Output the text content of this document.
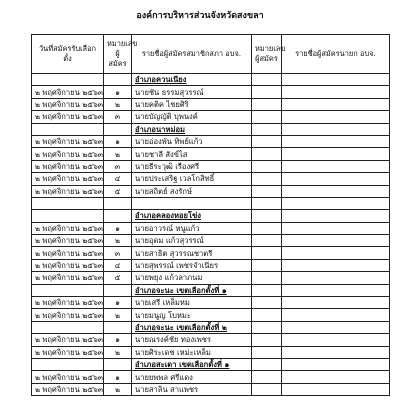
องค์การบริหารส่วนจังหวัดสงขลา
วันที่สมัครรับเลือกตั้ง	หมายเลขผู้สมัคร	รายชื่อผู้สมัครสมาชิกสภา อบจ.	หมายเลขผู้สมัคร	รายชื่อผู้สมัครนายก อบจ.
		อำเภอควนเนียง		
๒ พฤศจิกายน ๒๕๖๓	๑	นายชัน ธรรมสุวรรณ์		
๒ พฤศจิกายน ๒๕๖๓	๒	นายคติค ไชยศิริ		
๒ พฤศจิกายน ๒๕๖๓	๓	นายบัญญัติ บุพนงค์		
		อำเภอนาหม่อม		
๒ พฤศจิกายน ๒๕๖๓	๑	นายอ่องพัน ทิพย์แก้ว		
๒ พฤศจิกายน ๒๕๖๓	๒	นายชาลี สังข์ไส		
๒ พฤศจิกายน ๒๕๖๓	๓	นายธีระวุฒิ เรืองศรี		
๒ พฤศจิกายน ๒๕๖๓	๔	นายประเสริฐ เวลโกสิทธิ์		
๒ พฤศจิกายน ๒๕๖๓	๕	นายสถิตย์ สงรักษ์		

		อำเภอคลองหอยโข่ง		
๒ พฤศจิกายน ๒๕๖๓	๑	นายอาวรณ์ หนูแก้ว		
๒ พฤศจิกายน ๒๕๖๓	๒	นายอุดม แก้วสุวรรณ์		
๒ พฤศจิกายน ๒๕๖๓	๓	นายสาธิต สุวรรณชาตรี		
๒ พฤศจิกายน ๒๕๖๓	๔	นายสุพรรณ์ เพชรจำเนียร		
๒ พฤศจิกายน ๒๕๖๓	๕	นายพยุง แก้วลาภนม		
		อำเภอจะนะ เขตเลือกตั้งที่ ๑		
๒ พฤศจิกายน ๒๕๖๓	๑	นายเสรี เหล็มหม		
๒ พฤศจิกายน ๒๕๖๓	๒	นายมนูญ โบหมะ		
		อำเภอจะนะ เขตเลือกตั้งที่ ๒		
๒ พฤศจิกายน ๒๕๖๓	๑	นายณรงค์ชัย ทองเพชร		
๒ พฤศจิกายน ๒๕๖๓	๒	นายศิระเดช เหม่ะเหล็ม		
		อำเภอสะเดา เขตเลือกตั้งที่ ๑		
๒ พฤศจิกายน ๒๕๖๓	๑	นายยพพล ศรีแดง		
๒ พฤศจิกายน ๒๕๖๓	๒	นายสาลิน สาแพชร		
